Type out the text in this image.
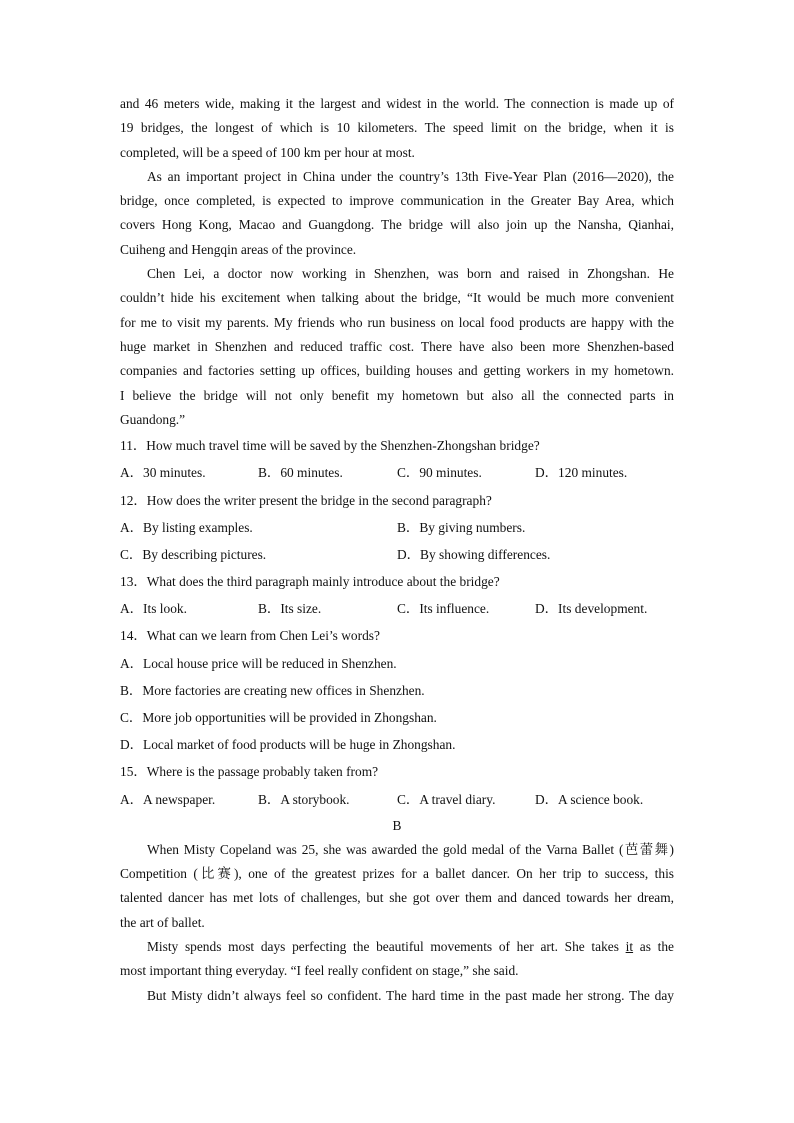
and 46 meters wide, making it the largest and widest in the world. The connection is made up of
19 bridges, the longest of which is 10 kilometers. The speed limit on the bridge, when it is
completed, will be a speed of 100 km per hour at most.
As an important project in China under the country’s 13th Five-Year Plan (2016—2020), the
bridge, once completed, is expected to improve communication in the Greater Bay Area, which
covers Hong Kong, Macao and Guangdong. The bridge will also join up the Nansha, Qianhai,
Cuiheng and Hengqin areas of the province.
Chen Lei, a doctor now working in Shenzhen, was born and raised in Zhongshan. He
couldn’t hide his excitement when talking about the bridge, “It would be much more convenient
for me to visit my parents. My friends who run business on local food products are happy with the
huge market in Shenzhen and reduced traffic cost. There have also been more Shenzhen-based
companies and factories setting up offices, building houses and getting workers in my hometown.
I believe the bridge will not only benefit my hometown but also all the connected parts in
Guandong.”
11．How much travel time will be saved by the Shenzhen-Zhongshan bridge?
A．30 minutes.	B．60 minutes.	C．90 minutes.	D．120 minutes.
12．How does the writer present the bridge in the second paragraph?
A．By listing examples.	B．By giving numbers.
C．By describing pictures.	D．By showing differences.
13．What does the third paragraph mainly introduce about the bridge?
A．Its look.	B．Its size.	C．Its influence.	D．Its development.
14．What can we learn from Chen Lei’s words?
A．Local house price will be reduced in Shenzhen.
B．More factories are creating new offices in Shenzhen.
C．More job opportunities will be provided in Zhongshan.
D．Local market of food products will be huge in Zhongshan.
15．Where is the passage probably taken from?
A．A newspaper.	B．A storybook.	C．A travel diary.	D．A science book.
B
When Misty Copeland was 25, she was awarded the gold medal of the Varna Ballet (芭蕾舞)
Competition (比赛), one of the greatest prizes for a ballet dancer. On her trip to success, this
talented dancer has met lots of challenges, but she got over them and danced towards her dream,
the art of ballet.
Misty spends most days perfecting the beautiful movements of her art. She takes it as the
most important thing everyday. “I feel really confident on stage,” she said.
But Misty didn’t always feel so confident. The hard time in the past made her strong. The day
